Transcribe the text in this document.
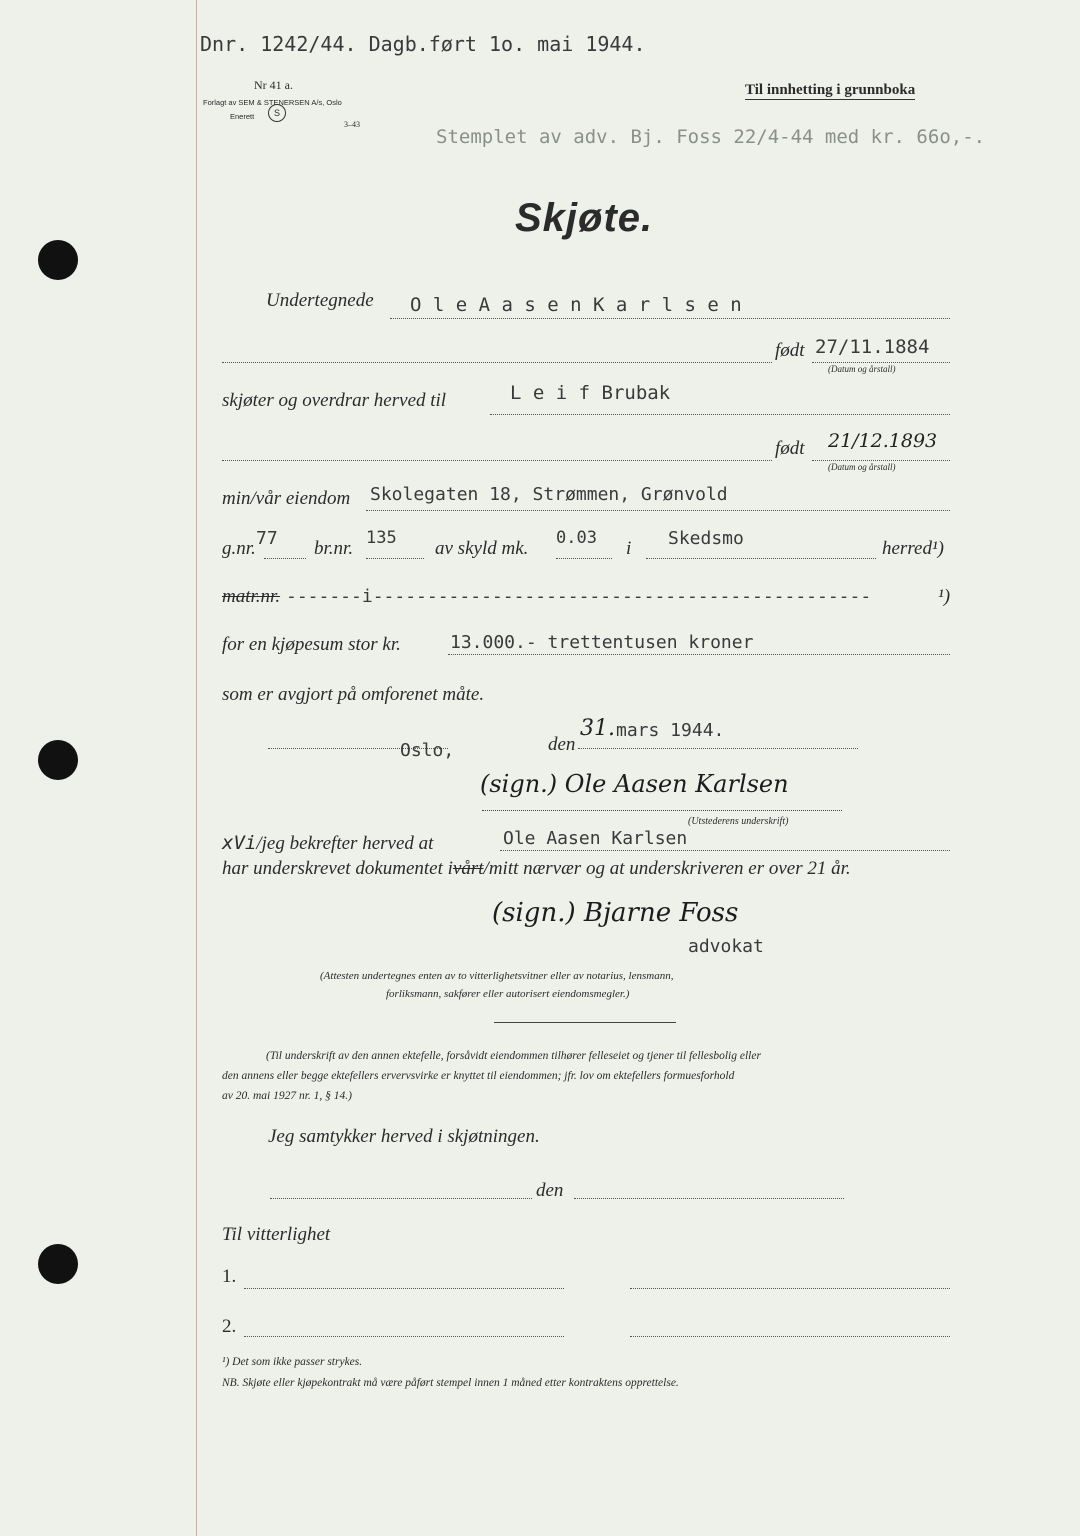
Dnr. 1242/44. Dagb.ført 1o. mai 1944.
Nr 41 a.
Forlagt av SEM & STENERSEN A/s, Oslo
Enerett	S
3–43
Til innhetting i grunnboka
Stemplet av adv. Bj. Foss 22/4-44 med kr. 66o,-.
Skjøte.
Undertegnede O l e A a s e n K a r l s e n
født 27/11.1884
(Datum og årstall)
skjøter og overdrar herved til	L e i f Brubak
født 21/12.1893
(Datum og årstall)
min/vår eiendom Skolegaten 18, Strømmen, Grønvold
g.nr. 77 br.nr. 135 av skyld mk. 0.03 i Skedsmo	herred¹)
matr.nr. -------i----------------------------------------------	¹)
for en kjøpesum stor kr.	13.000.- trettentusen kroner
som er avgjort på omforenet måte.
Oslo,	den
31. mars 1944.
(sign.) Ole Aasen Karlsen
(Utstederens underskrift)
xVi/jeg bekrefter herved at	Ole Aasen Karlsen
har underskrevet dokumentet ivårt/mitt nærvær og at underskriveren er over 21 år.
(sign.) Bjarne Foss
advokat
(Attesten undertegnes enten av to vitterlighetsvitner eller av notarius, lensmann,
forliksmann, sakfører eller autorisert eiendomsmegler.)
(Til underskrift av den annen ektefelle, forsåvidt eiendommen tilhører felleseiet og tjener til fellesbolig eller
den annens eller begge ektefellers ervervsvirke er knyttet til eiendommen; jfr. lov om ektefellers formuesforhold
av 20. mai 1927 nr. 1, § 14.)
Jeg samtykker herved i skjøtningen.
den
Til vitterlighet
1.
2.
¹) Det som ikke passer strykes.
NB. Skjøte eller kjøpekontrakt må være påført stempel innen 1 måned etter kontraktens opprettelse.
